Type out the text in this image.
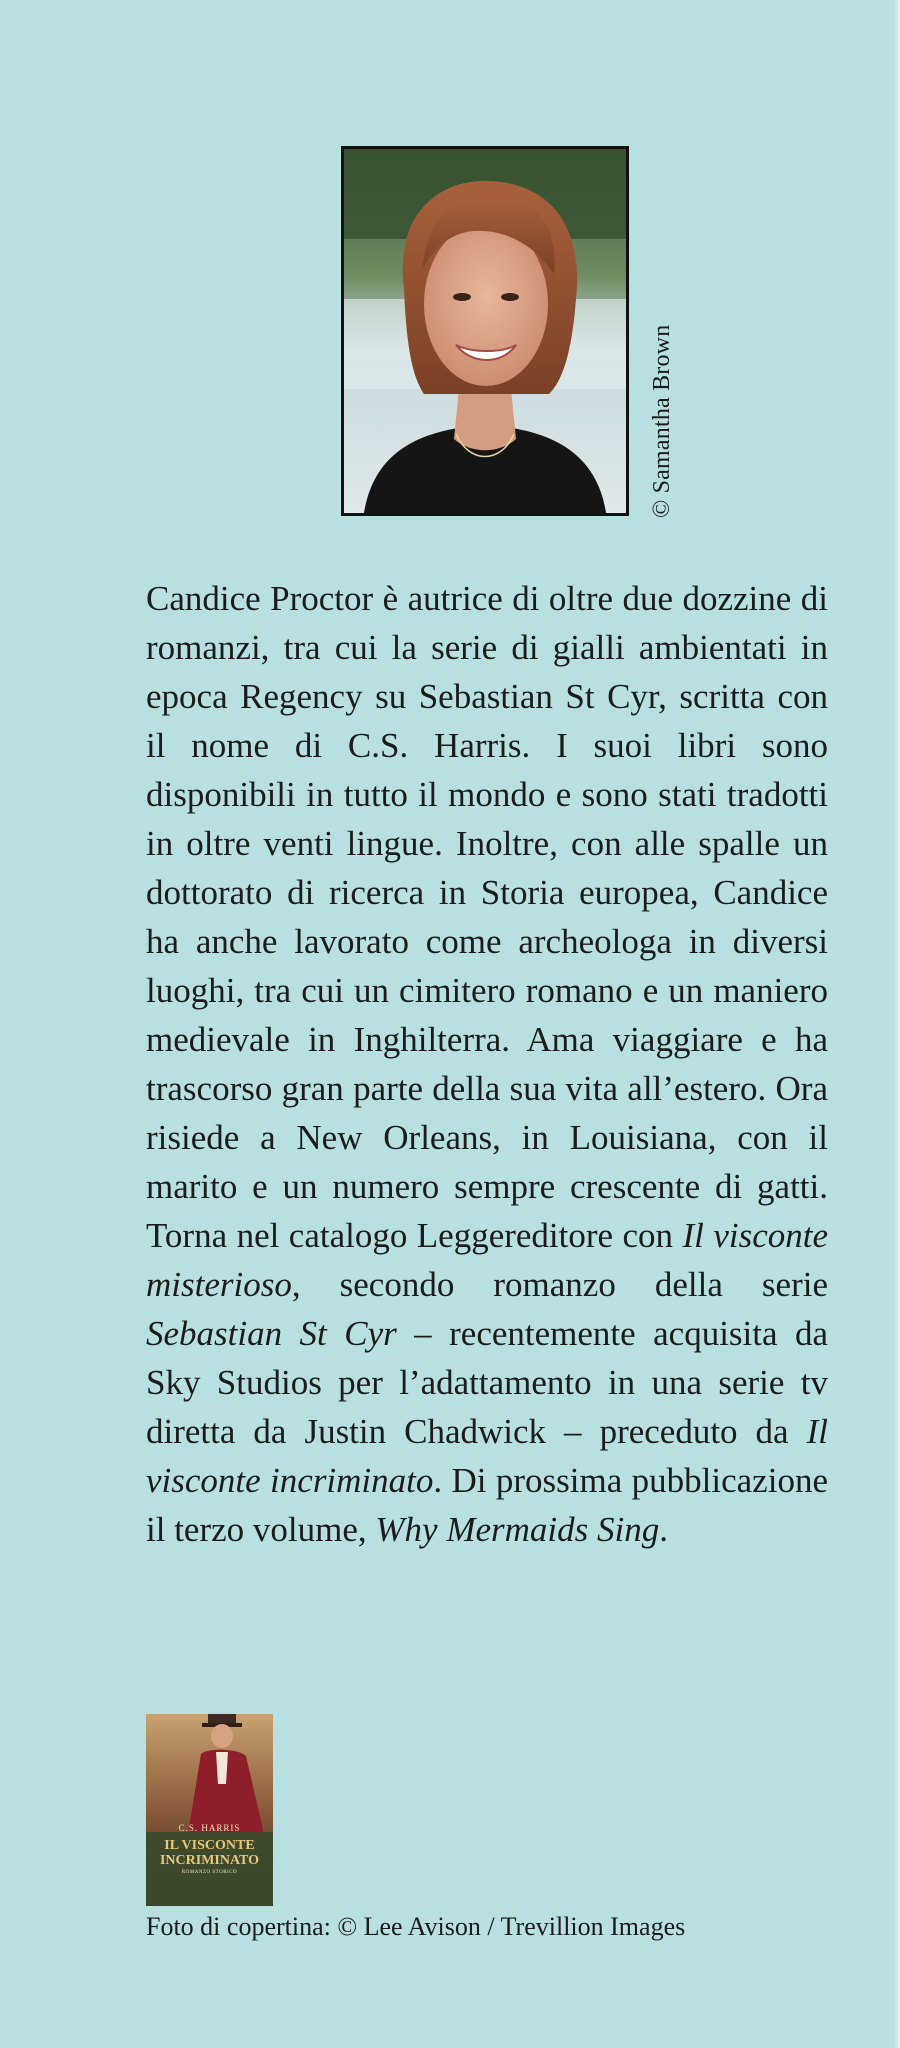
© Samantha Brown

Candice Proctor è autrice di oltre due dozzine di romanzi, tra cui la serie di gialli ambientati in epoca Regency su Sebastian St Cyr, scritta con il nome di C.S. Harris. I suoi libri sono disponibili in tutto il mondo e sono stati tradotti in oltre venti lingue. Inoltre, con alle spalle un dottorato di ricerca in Storia europea, Candice ha anche lavorato come archeologa in diversi luoghi, tra cui un cimitero romano e un maniero medievale in Inghilterra. Ama viaggiare e ha trascorso gran parte della sua vita all’estero. Ora risiede a New Orleans, in Louisiana, con il marito e un numero sempre crescente di gatti. Torna nel catalogo Leggereditore con Il visconte misterioso, secondo romanzo della serie Sebastian St Cyr – recentemente acquisita da Sky Studios per l’adattamento in una serie tv diretta da Justin Chadwick – preceduto da Il visconte incriminato. Di prossima pubblicazione il terzo volume, Why Mermaids Sing.

C.S. HARRIS
IL VISCONTE
INCRIMINATO
ROMANZO STORICO
Foto di copertina: © Lee Avison / Trevillion Images
